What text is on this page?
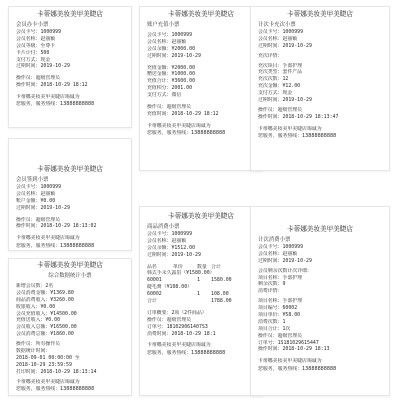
卡蒂娜美妆美甲美睫店
会员办卡小票
会员卡号：1000999
会员名称：赵丽颖
会员等级：至尊卡
卡片计付：500
支付方式：现金
过期时间：2019-10-29
操作员：超级管理员
操作时间：2018-10-29 18:12
卡蒂娜美妆美甲美睫店竭诚为
您服务，服务热线：13888888888
卡蒂娜美妆美甲美睫店
账户充值小票
会员卡号：1000999
会员名称：赵丽颖
会员余额：¥2000.00
过期时间：2019-10-29
充值金额：¥2000.00
赠送金额：¥1000.00
充值合计：¥3600.00
充值积分：2001.00
支付方式：微信
操作员：超级管理员
充值时间：2018-10-29 18:12
卡蒂娜美妆美甲美睫店竭诚为
您服务，服务热线：13888888888
卡蒂娜美妆美甲美睫店
计次卡充次小票
会员卡号：1000999
会员名称：赵丽颖
过期时间：2019-10-29
充次详情：
充次项目：手部护理
充次类型：套件产品
充次次数：12
充次金额：¥12.00
支付方式：现金
过期时间：2019-10-29
操作员：超级管理员
操作时间：2018-10-29 18:13:47
卡蒂娜美妆美甲美睫店竭诚为
您服务，服务热线：13888888888
卡蒂娜美妆美甲美睫店
会员签到小票
会员卡号：1000999
会员名称：赵丽颖
账户金额：¥0.00
过期时间：2019-10-29
操作员：超级管理员
操作时间：2018-10-29 18:13:02
卡蒂娜美妆美甲美睫店竭诚为
您服务，服务热线：13888888888
卡蒂娜美妆美甲美睫店
商品消费小票
会员卡号：1000999
会员名称：赵丽颖
会员余额：¥1512.00
过期时间：2019-10-29
品名	单价	数量 合计
韩式手永久露眉（¥1580.00）
60001	1	1580.00
睫毛膏（¥108.00）
60002	1	108.00
合计	1788.00
订单概要：2项（2件商品）
操作员：超级管理员
订单号：181029061407S3
消费时间：2018-10-29 18:1
卡蒂娜美妆美甲美睫店竭诚为
您服务，服务热线：13888888888
卡蒂娜美妆美甲美睫店
计次消费小票
会员卡号：1000999
会员名称：赵丽颖
过期时间：2019-10-29
会员剩余次数计次详细：
项目名称：手部护理
剩余次数：9
消费详情：
项目名称：手部护理
项目编号：60002
项目单价：¥58.00
消费次数：1
项目合计：1次
操作员：超级管理员
订单号：1S181029615447
操作时间：2018-10-29 18:13
卡蒂娜美妆美甲美睫店竭诚为
您服务，服务热线：13888888888
卡蒂娜美妆美甲美睫店
综合数据统计小票
新增会员数：2名
会员消费金额：¥1369.80
商品消费收入：¥3260.00
收银收入：¥0.00
会员充值收入：¥14500.00
充值送收入：¥0.00
会员收入总额：¥16500.00
会员消费总额：¥1860.00
操作员：所有操作员
数据统计时间：
2018-09-01 00:00:00 至
2018-10-29 23:59:59
打印时间：2018-10-29 18:13:14
卡蒂娜美妆美甲美睫店竭诚为
您服务，服务热线：13888888888
